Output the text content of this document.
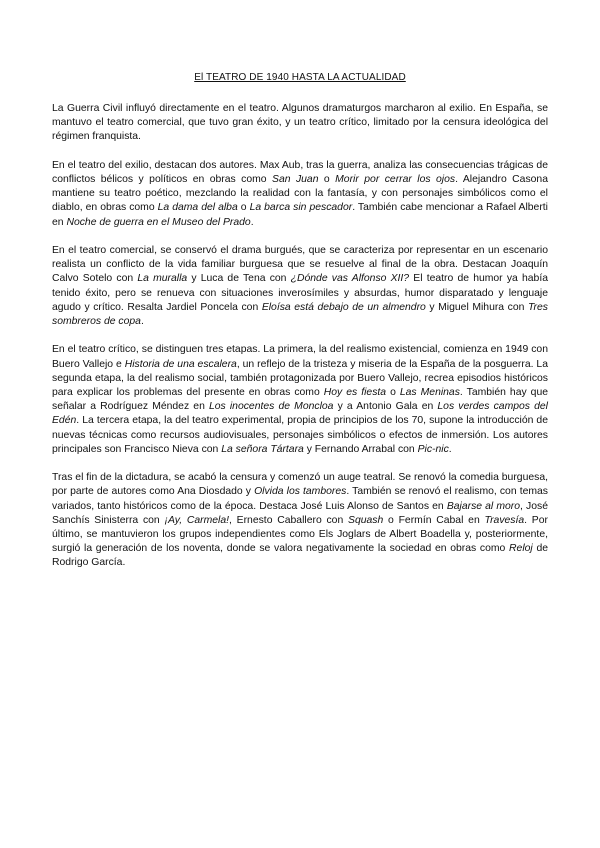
El TEATRO DE 1940 HASTA LA ACTUALIDAD

La Guerra Civil influyó directamente en el teatro. Algunos dramaturgos marcharon al exilio. En España, se mantuvo el teatro comercial, que tuvo gran éxito, y un teatro crítico, limitado por la censura ideológica del régimen franquista.

En el teatro del exilio, destacan dos autores. Max Aub, tras la guerra, analiza las consecuencias trágicas de conflictos bélicos y políticos en obras como San Juan o Morir por cerrar los ojos. Alejandro Casona mantiene su teatro poético, mezclando la realidad con la fantasía, y con personajes simbólicos como el diablo, en obras como La dama del alba o La barca sin pescador. También cabe mencionar a Rafael Alberti en Noche de guerra en el Museo del Prado.

En el teatro comercial, se conservó el drama burgués, que se caracteriza por representar en un escenario realista un conflicto de la vida familiar burguesa que se resuelve al final de la obra. Destacan Joaquín Calvo Sotelo con La muralla y Luca de Tena con ¿Dónde vas Alfonso XII? El teatro de humor ya había tenido éxito, pero se renueva con situaciones inverosímiles y absurdas, humor disparatado y lenguaje agudo y crítico. Resalta Jardiel Poncela con Eloísa está debajo de un almendro y Miguel Mihura con Tres sombreros de copa.

En el teatro crítico, se distinguen tres etapas. La primera, la del realismo existencial, comienza en 1949 con Buero Vallejo e Historia de una escalera, un reflejo de la tristeza y miseria de la España de la posguerra. La segunda etapa, la del realismo social, también protagonizada por Buero Vallejo, recrea episodios históricos para explicar los problemas del presente en obras como Hoy es fiesta o Las Meninas. También hay que señalar a Rodríguez Méndez en Los inocentes de Moncloa y a Antonio Gala en Los verdes campos del Edén. La tercera etapa, la del teatro experimental, propia de principios de los 70, supone la introducción de nuevas técnicas como recursos audiovisuales, personajes simbólicos o efectos de inmersión. Los autores principales son Francisco Nieva con La señora Tártara y Fernando Arrabal con Pic-nic.

Tras el fin de la dictadura, se acabó la censura y comenzó un auge teatral. Se renovó la comedia burguesa, por parte de autores como Ana Diosdado y Olvida los tambores. También se renovó el realismo, con temas variados, tanto históricos como de la época. Destaca José Luis Alonso de Santos en Bajarse al moro, José Sanchís Sinisterra con ¡Ay, Carmela!, Ernesto Caballero con Squash o Fermín Cabal en Travesía. Por último, se mantuvieron los grupos independientes como Els Joglars de Albert Boadella y, posteriormente, surgió la generación de los noventa, donde se valora negativamente la sociedad en obras como Reloj de Rodrigo García.
